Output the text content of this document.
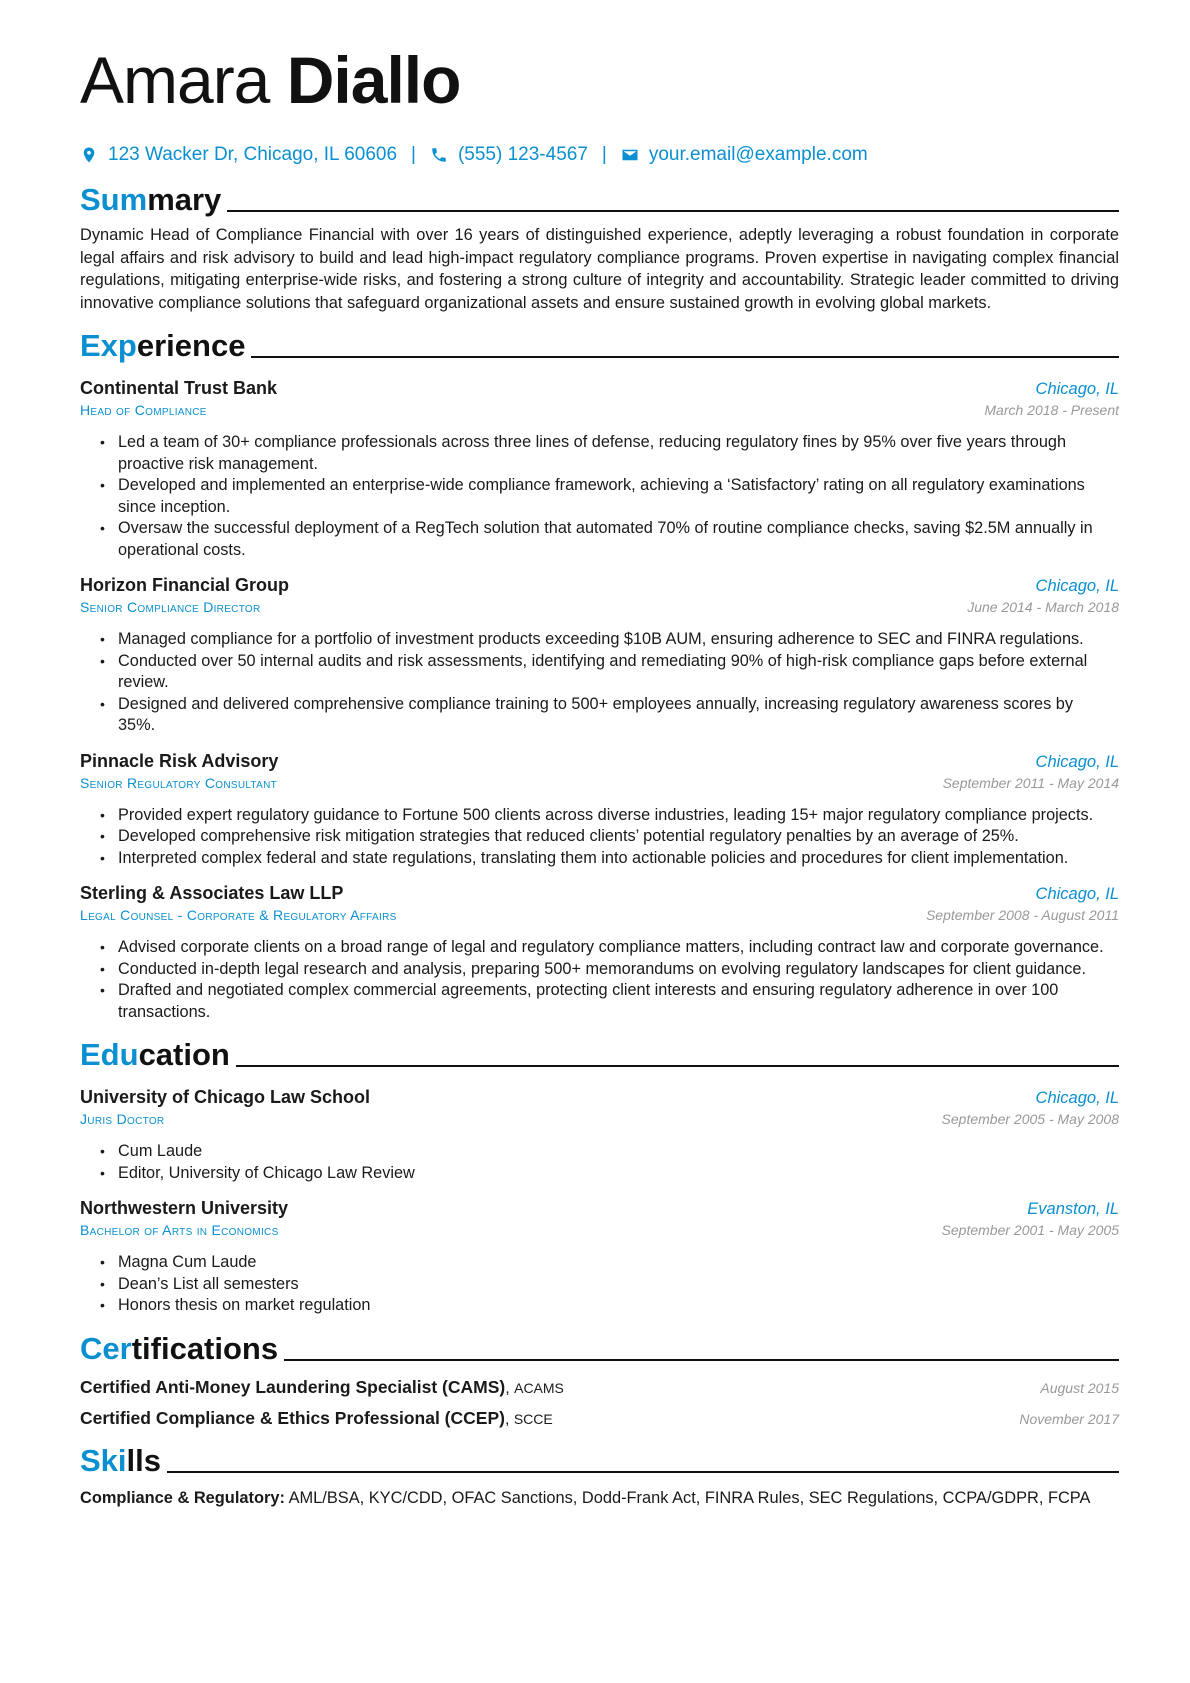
Amara Diallo
123 Wacker Dr, Chicago, IL 60606 | (555) 123-4567 | your.email@example.com
Summary

Dynamic Head of Compliance Financial with over 16 years of distinguished experience, adeptly leveraging a robust foundation in corporate legal affairs and risk advisory to build and lead high-impact regulatory compliance programs. Proven expertise in navigating complex financial regulations, mitigating enterprise-wide risks, and fostering a strong culture of integrity and accountability. Strategic leader committed to driving innovative compliance solutions that safeguard organizational assets and ensure sustained growth in evolving global markets.

Experience
Continental Trust Bank	Chicago, IL
Head of Compliance	March 2018 - Present
• Led a team of 30+ compliance professionals across three lines of defense, reducing regulatory fines by 95% over five years through proactive risk management.
• Developed and implemented an enterprise-wide compliance framework, achieving a ‘Satisfactory’ rating on all regulatory examinations since inception.
• Oversaw the successful deployment of a RegTech solution that automated 70% of routine compliance checks, saving $2.5M annually in operational costs.
Horizon Financial Group	Chicago, IL
Senior Compliance Director	June 2014 - March 2018
• Managed compliance for a portfolio of investment products exceeding $10B AUM, ensuring adherence to SEC and FINRA regulations.
• Conducted over 50 internal audits and risk assessments, identifying and remediating 90% of high-risk compliance gaps before external review.
• Designed and delivered comprehensive compliance training to 500+ employees annually, increasing regulatory awareness scores by 35%.
Pinnacle Risk Advisory	Chicago, IL
Senior Regulatory Consultant	September 2011 - May 2014
• Provided expert regulatory guidance to Fortune 500 clients across diverse industries, leading 15+ major regulatory compliance projects.
• Developed comprehensive risk mitigation strategies that reduced clients’ potential regulatory penalties by an average of 25%.
• Interpreted complex federal and state regulations, translating them into actionable policies and procedures for client implementation.
Sterling & Associates Law LLP	Chicago, IL
Legal Counsel - Corporate & Regulatory Affairs	September 2008 - August 2011
• Advised corporate clients on a broad range of legal and regulatory compliance matters, including contract law and corporate governance.
• Conducted in-depth legal research and analysis, preparing 500+ memorandums on evolving regulatory landscapes for client guidance.
• Drafted and negotiated complex commercial agreements, protecting client interests and ensuring regulatory adherence in over 100 transactions.
Education
University of Chicago Law School	Chicago, IL
Juris Doctor	September 2005 - May 2008
• Cum Laude
• Editor, University of Chicago Law Review
Northwestern University	Evanston, IL
Bachelor of Arts in Economics	September 2001 - May 2005
• Magna Cum Laude
• Dean’s List all semesters
• Honors thesis on market regulation
Certifications
Certified Anti-Money Laundering Specialist (CAMS), ACAMS	August 2015
Certified Compliance & Ethics Professional (CCEP), SCCE	November 2017
Skills
Compliance & Regulatory: AML/BSA, KYC/CDD, OFAC Sanctions, Dodd-Frank Act, FINRA Rules, SEC Regulations, CCPA/GDPR, FCPA
